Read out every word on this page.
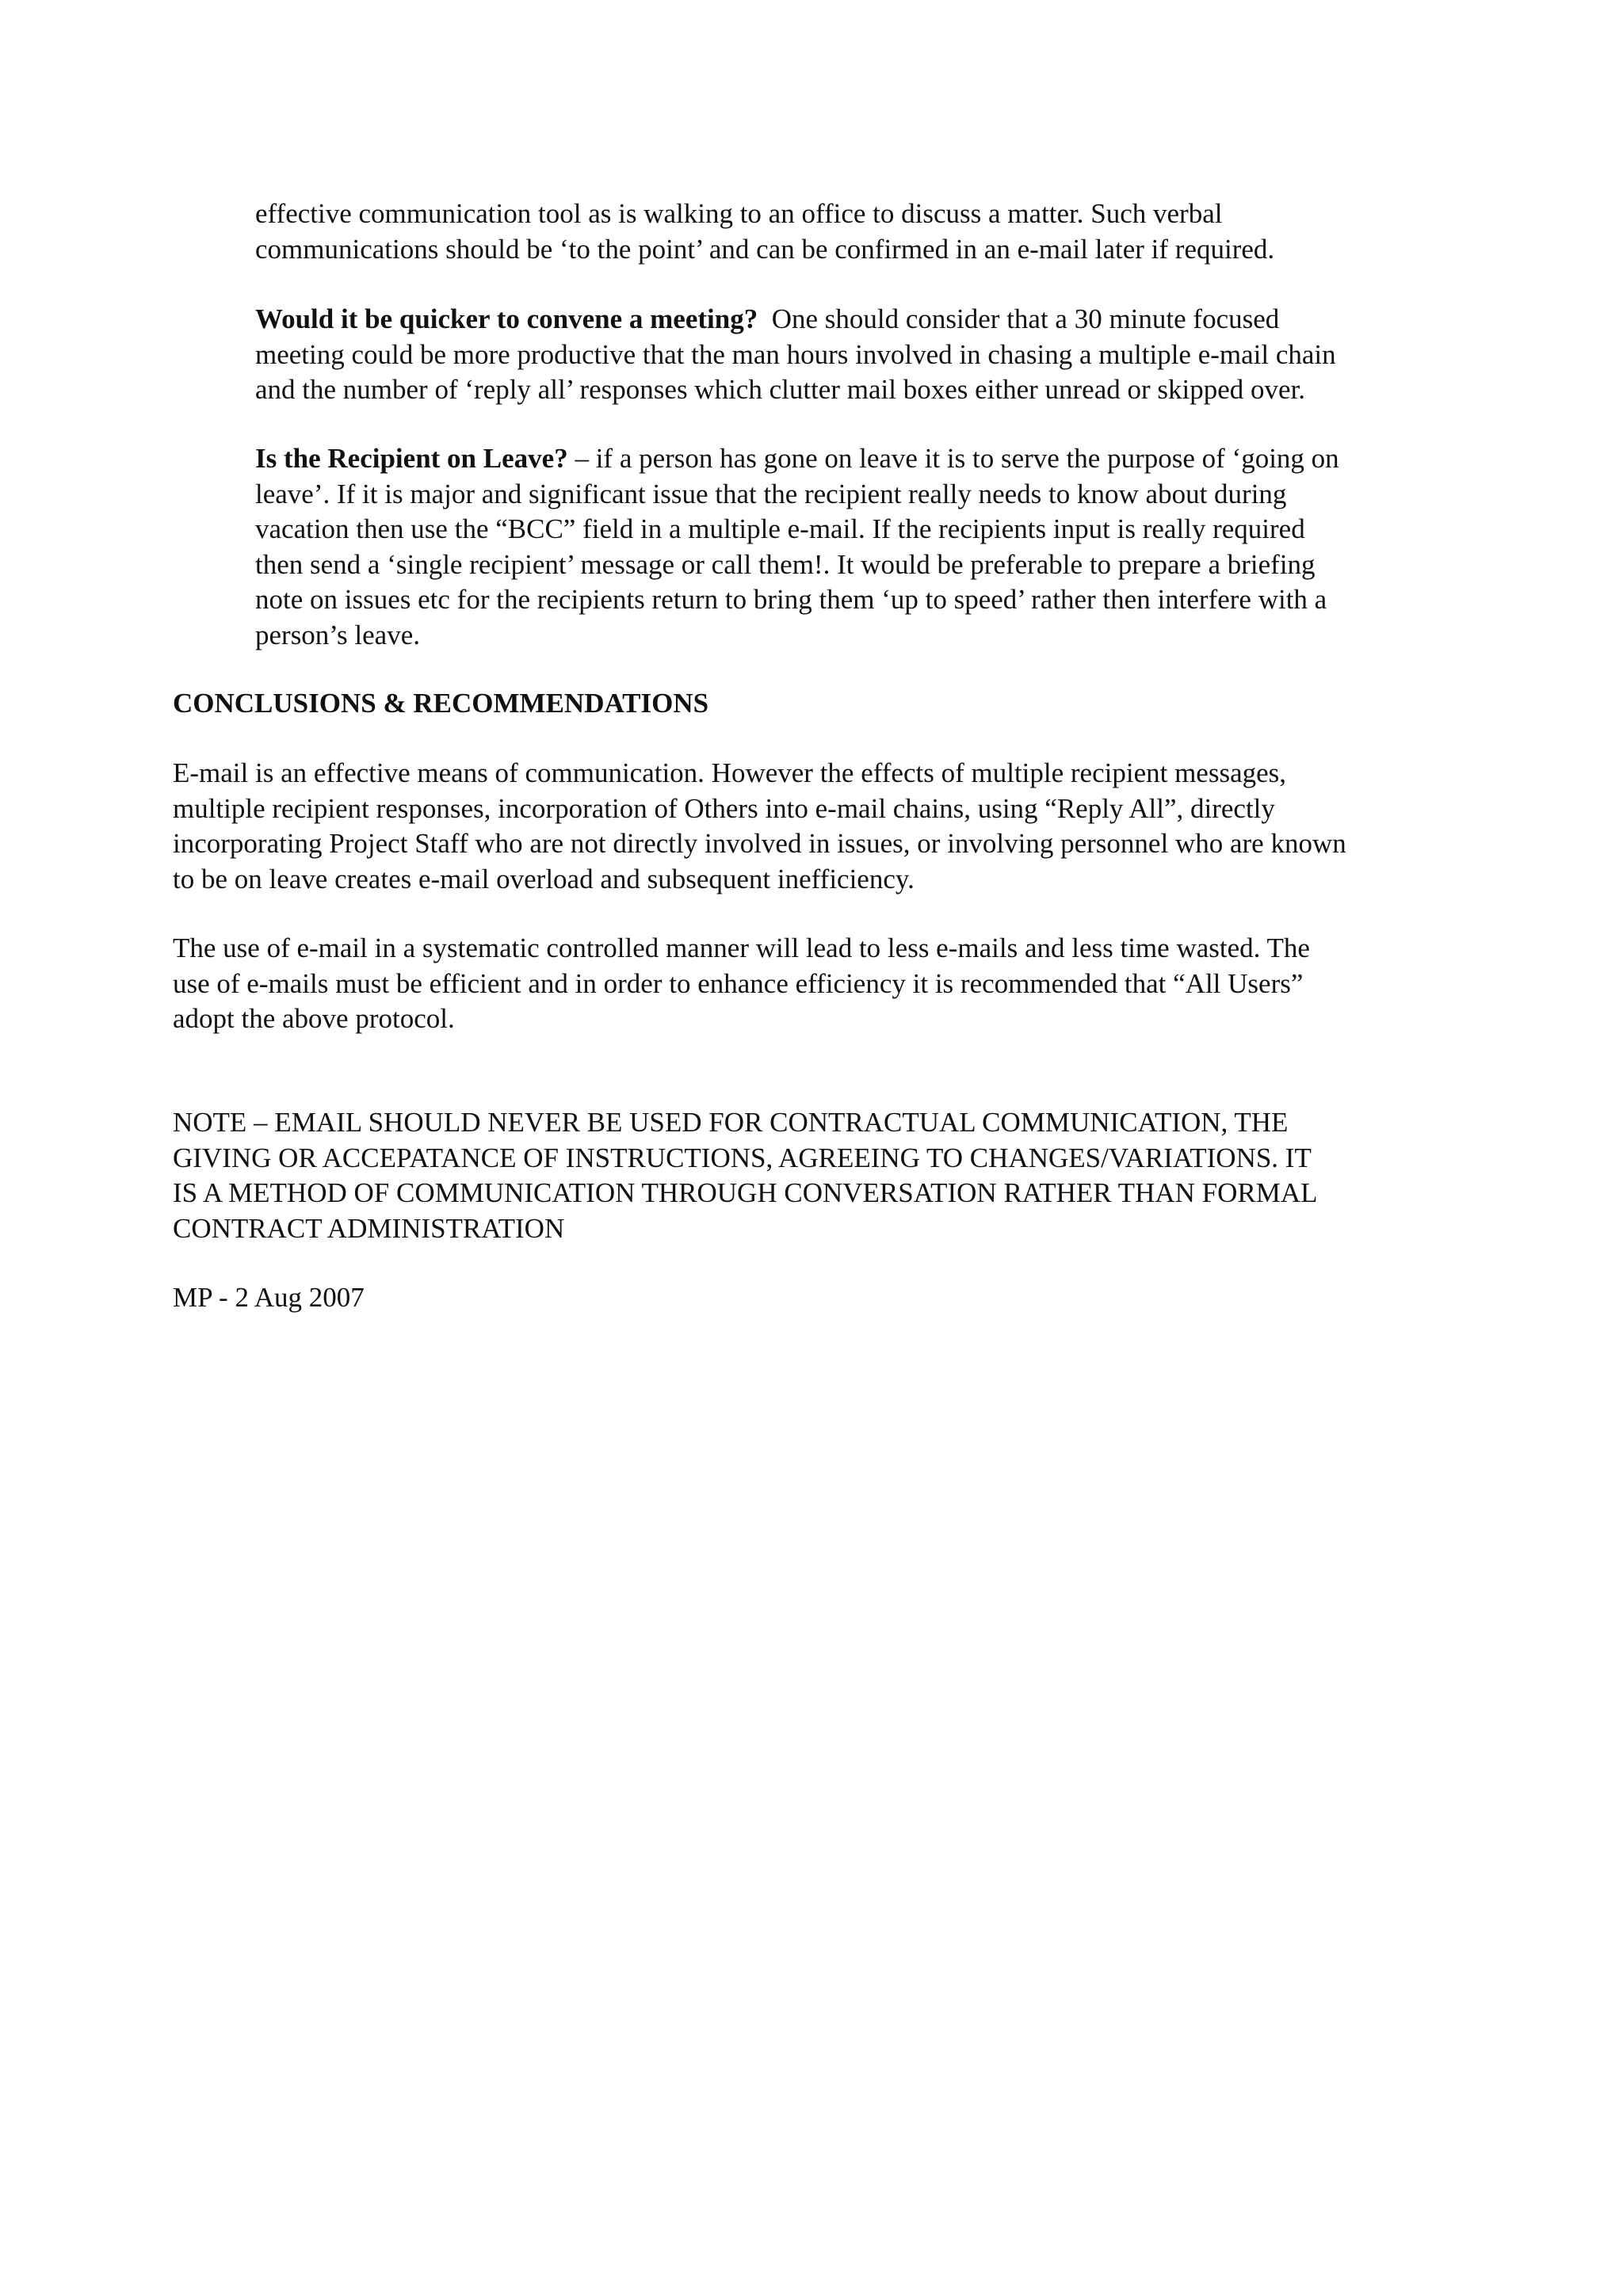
effective communication tool as is walking to an office to discuss a matter. Such verbal
communications should be ‘to the point’ and can be confirmed in an e-mail later if required.
Would it be quicker to convene a meeting?  One should consider that a 30 minute focused
meeting could be more productive that the man hours involved in chasing a multiple e-mail chain
and the number of ‘reply all’ responses which clutter mail boxes either unread or skipped over.
Is the Recipient on Leave? – if a person has gone on leave it is to serve the purpose of ‘going on
leave’. If it is major and significant issue that the recipient really needs to know about during
vacation then use the “BCC” field in a multiple e-mail. If the recipients input is really required
then send a ‘single recipient’ message or call them!. It would be preferable to prepare a briefing
note on issues etc for the recipients return to bring them ‘up to speed’ rather then interfere with a
person’s leave.
CONCLUSIONS & RECOMMENDATIONS
E-mail is an effective means of communication. However the effects of multiple recipient messages,
multiple recipient responses, incorporation of Others into e-mail chains, using “Reply All”, directly
incorporating Project Staff who are not directly involved in issues, or involving personnel who are known
to be on leave creates e-mail overload and subsequent inefficiency.
The use of e-mail in a systematic controlled manner will lead to less e-mails and less time wasted. The
use of e-mails must be efficient and in order to enhance efficiency it is recommended that “All Users”
adopt the above protocol.
NOTE – EMAIL SHOULD NEVER BE USED FOR CONTRACTUAL COMMUNICATION, THE
GIVING OR ACCEPATANCE OF INSTRUCTIONS, AGREEING TO CHANGES/VARIATIONS. IT
IS A METHOD OF COMMUNICATION THROUGH CONVERSATION RATHER THAN FORMAL
CONTRACT ADMINISTRATION
MP - 2 Aug 2007
